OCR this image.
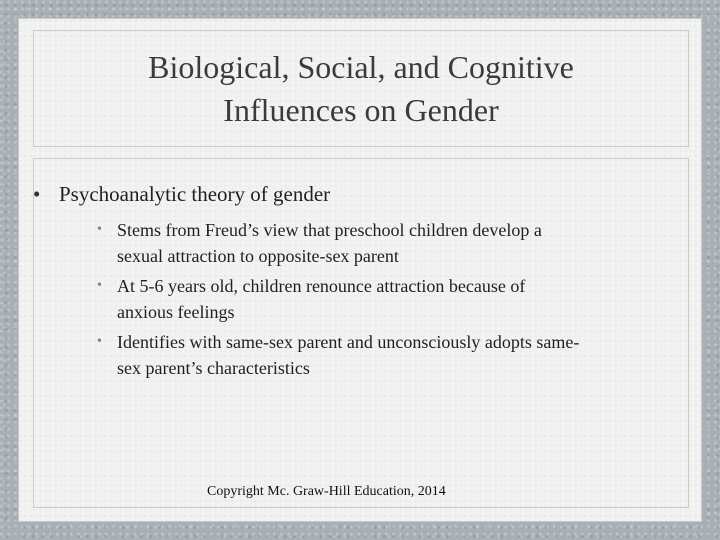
Biological, Social, and Cognitive
Influences on Gender

• Psychoanalytic theory of gender

• Stems from Freud’s view that preschool children develop a
sexual attraction to opposite-sex parent
• At 5-6 years old, children renounce attraction because of
anxious feelings
• Identifies with same-sex parent and unconsciously adopts same-
sex parent’s characteristics

Copyright Mc. Graw-Hill Education, 2014
